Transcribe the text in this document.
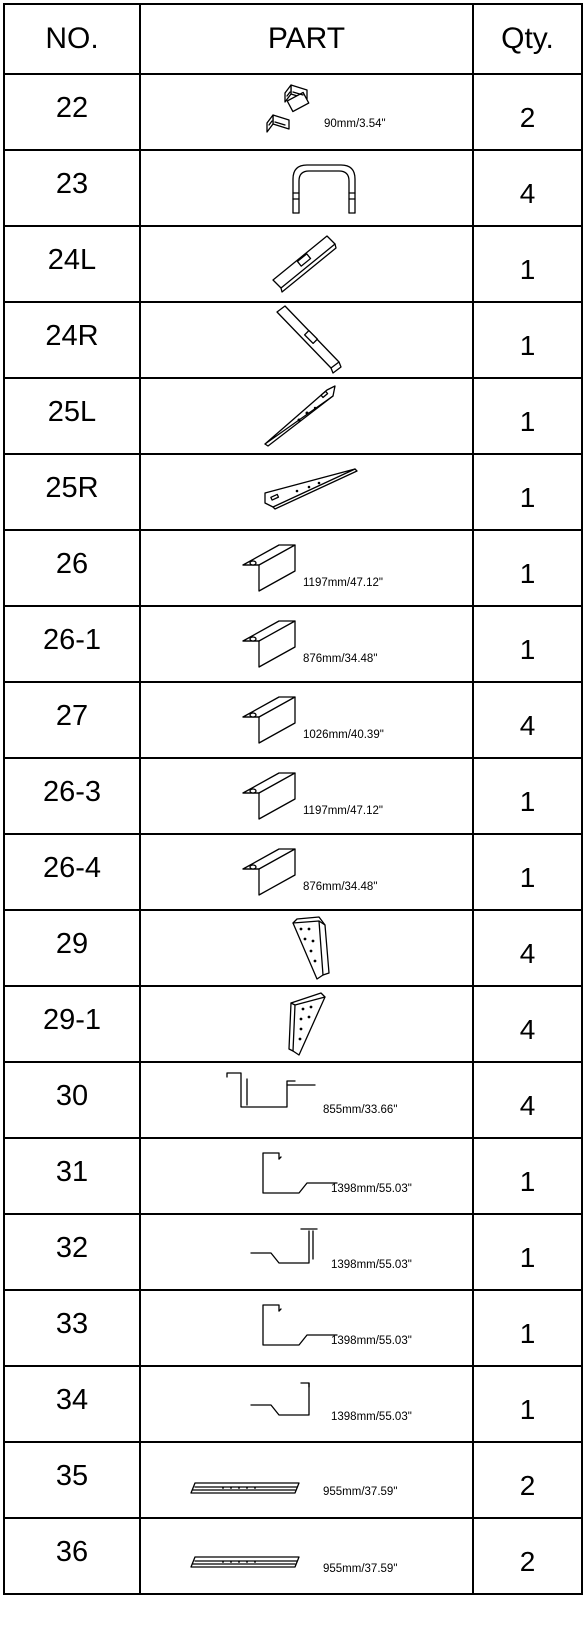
NO.	PART	Qty.
22	90mm/3.54"	2
23		4
24L		1
24R		1
25L		1
25R		1
26	1197mm/47.12"	1
26-1	876mm/34.48"	1
27	1026mm/40.39"	4
26-3	1197mm/47.12"	1
26-4	876mm/34.48"	1
29		4
29-1		4
30	855mm/33.66"	4
31	1398mm/55.03"	1
32	1398mm/55.03"	1
33	1398mm/55.03"	1
34	1398mm/55.03"	1
35	955mm/37.59"	2
36	955mm/37.59"	2
